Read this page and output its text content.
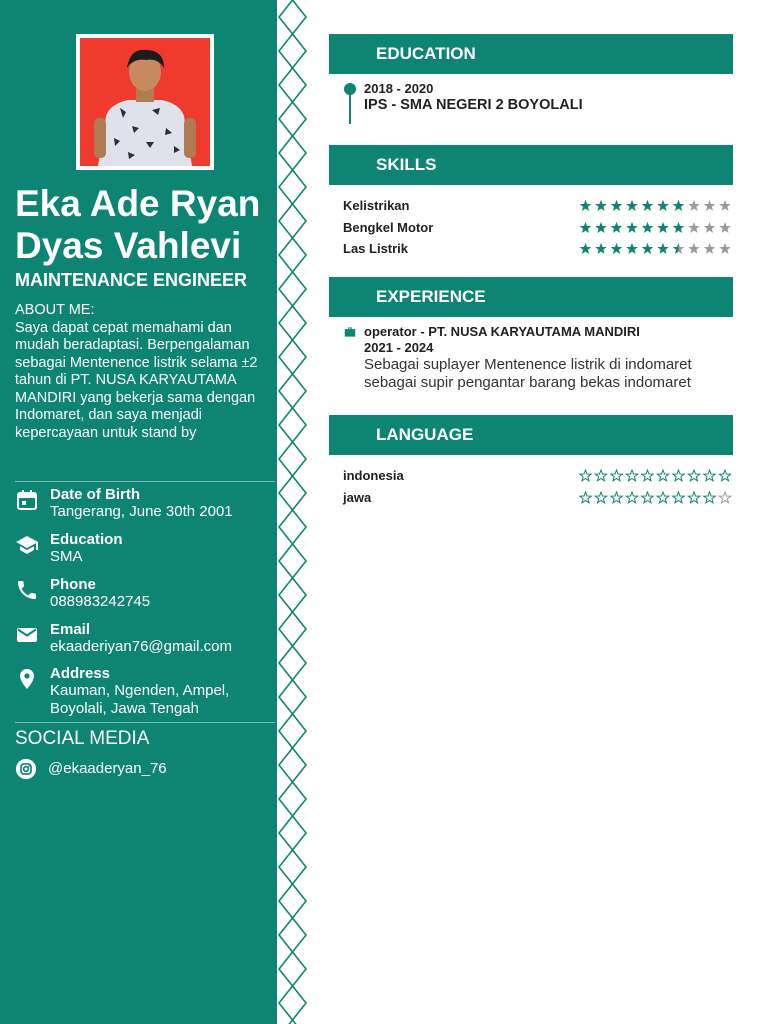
Eka Ade Ryan Dyas Vahlevi
MAINTENANCE ENGINEER
ABOUT ME:
Saya dapat cepat memahami dan mudah beradaptasi. Berpengalaman sebagai Mentenence listrik selama ±2 tahun di PT. NUSA KARYAUTAMA MANDIRI yang bekerja sama dengan Indomaret, dan saya menjadi kepercayaan untuk stand by
Date of Birth
Tangerang, June 30th 2001
Education
SMA
Phone
088983242745
Email
ekaaderiyan76@gmail.com
Address
Kauman, Ngenden, Ampel, Boyolali, Jawa Tengah
SOCIAL MEDIA
@ekaaderyan_76
EDUCATION
2018 - 2020
IPS - SMA NEGERI 2 BOYOLALI
SKILLS
Kelistrikan
Bengkel Motor
Las Listrik
EXPERIENCE
operator - PT. NUSA KARYAUTAMA MANDIRI
2021 - 2024
Sebagai suplayer Mentenence listrik di indomaret sebagai supir pengantar barang bekas indomaret
LANGUAGE
indonesia
jawa
